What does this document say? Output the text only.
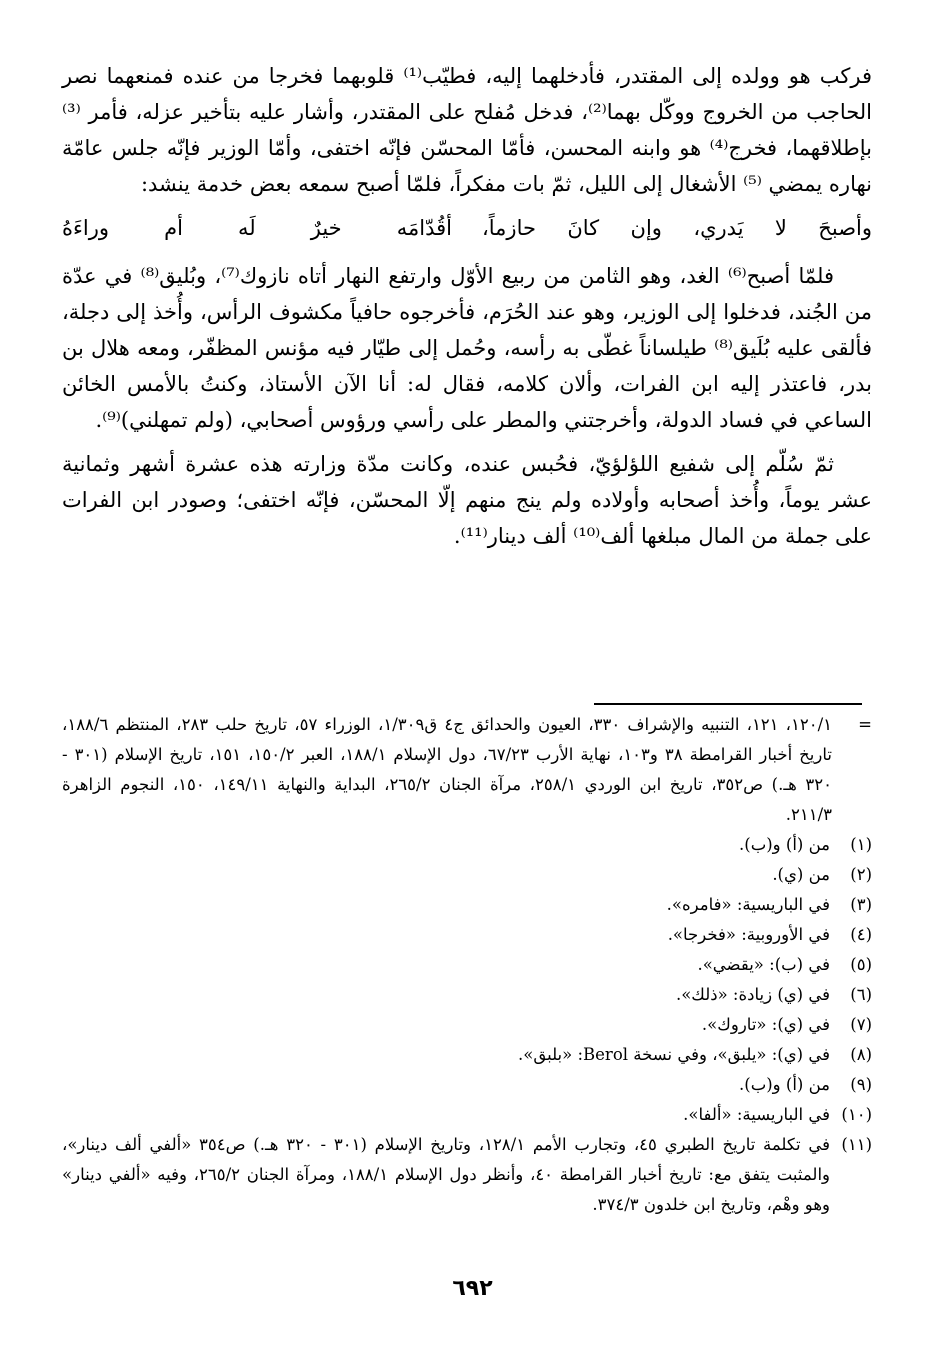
فركب هو وولده إلى المقتدر، فأدخلهما إليه، فطيّب⁽¹⁾ قلوبهما فخرجا من عنده فمنعهما نصر الحاجب من الخروج ووكّل بهما⁽²⁾، فدخل مُفلح على المقتدر، وأشار عليه بتأخير عزله، فأمر ⁽³⁾ بإطلاقهما، فخرج⁽⁴⁾ هو وابنه المحسن، فأمّا المحسّن فإنّه اختفى، وأمّا الوزير فإنّه جلس عامّة نهاره يمضي ⁽⁵⁾ الأشغال إلى الليل، ثمّ بات مفكراً، فلمّا أصبح سمعه بعض خدمة ينشد:

وأصبحَ لا يَدري، وإن كانَ حازماً،
أقُدّامَه خيرٌ لَه أم وراءَهُ

فلمّا أصبح⁽⁶⁾ الغد، وهو الثامن من ربيع الأوّل وارتفع النهار أتاه نازوك⁽⁷⁾، وبُليق⁽⁸⁾ في عدّة من الجُند، فدخلوا إلى الوزير، وهو عند الحُرَم، فأخرجوه حافياً مكشوف الرأس، وأُخذ إلى دجلة، فألقى عليه بُلَيق⁽⁸⁾ طيلساناً غطّى به رأسه، وحُمل إلى طيّار فيه مؤنس المظفّر، ومعه هلال بن بدر، فاعتذر إليه ابن الفرات، وألان كلامه، فقال له: أنا الآن الأستاذ، وكنتُ بالأمس الخائن الساعي في فساد الدولة، وأخرجتني والمطر على رأسي ورؤوس أصحابي، (ولم تمهلني)⁽⁹⁾.

ثمّ سُلّم إلى شفيع اللؤلؤيّ، فحُبس عنده، وكانت مدّة وزارته هذه عشرة أشهر وثمانية عشر يوماً، وأُخذ أصحابه وأولاده ولم ينج منهم إلّا المحسّن، فإنّه اختفى؛ وصودر ابن الفرات على جملة من المال مبلغها ألف⁽¹⁰⁾ ألف دينار⁽¹¹⁾.

=
١٢٠/١، ١٢١، التنبيه والإشراف ٣٣٠، العيون والحدائق ج٤ ق١/٣٠٩، الوزراء ٥٧، تاريخ حلب ٢٨٣، المنتظم ١٨٨/٦، تاريخ أخبار القرامطة ٣٨ و١٠٣، نهاية الأرب ٦٧/٢٣، دول الإسلام ١٨٨/١، العبر ١٥٠/٢، ١٥١، تاريخ الإسلام (٣٠١ - ٣٢٠ هـ.) ص٣٥٢، تاريخ ابن الوردي ٢٥٨/١، مرآة الجنان ٢٦٥/٢، البداية والنهاية ١٤٩/١١، ١٥٠، النجوم الزاهرة ٢١١/٣.
(١)
من (أ) و(ب).
(٢)
من (ي).
(٣)
في الباريسية: «فامره».
(٤)
في الأوروبية: «فخرجا».
(٥)
في (ب): «يقضي».
(٦)
في (ي) زيادة: «ذلك».
(٧)
في (ي): «تاروك».
(٨)
في (ي): «يلبق»، وفي نسخة Berol: «بلبق».
(٩)
من (أ) و(ب).
(١٠)
في الباريسية: «ألفا».
(١١)
في تكلمة تاريخ الطبري ٤٥، وتجارب الأمم ١٢٨/١، وتاريخ الإسلام (٣٠١ - ٣٢٠ هـ.) ص٣٥٤ «ألفي ألف دينار»، والمثبت يتفق مع: تاريخ أخبار القرامطة ٤٠، وأنظر دول الإسلام ١٨٨/١، ومرآة الجنان ٢٦٥/٢، وفيه «ألفي دينار» وهو وهْم، وتاريخ ابن خلدون ٣٧٤/٣.
٦٩٢
